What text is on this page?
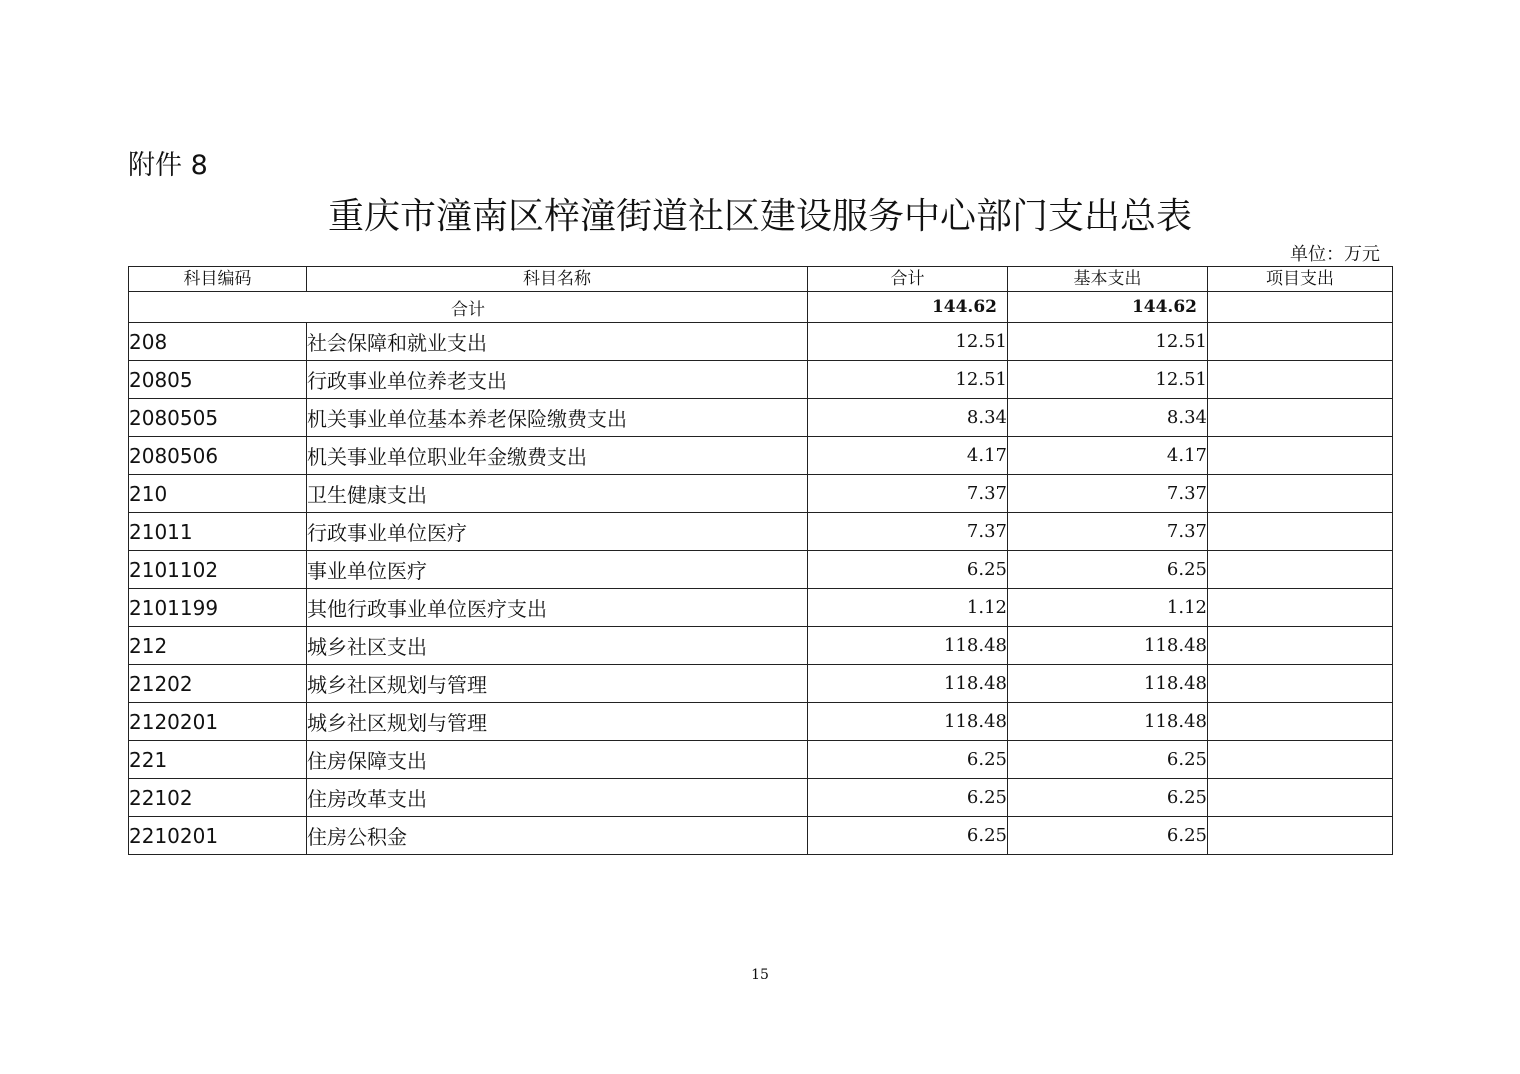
附件 8
重庆市潼南区梓潼街道社区建设服务中心部门支出总表
单位：万元
科目编码	科目名称	合计	基本支出	项目支出
合计		144.62	144.62	
208	社会保障和就业支出	12.51	12.51	
20805	行政事业单位养老支出	12.51	12.51	
2080505	机关事业单位基本养老保险缴费支出	8.34	8.34	
2080506	机关事业单位职业年金缴费支出	4.17	4.17	
210	卫生健康支出	7.37	7.37	
21011	行政事业单位医疗	7.37	7.37	
2101102	事业单位医疗	6.25	6.25	
2101199	其他行政事业单位医疗支出	1.12	1.12	
212	城乡社区支出	118.48	118.48	
21202	城乡社区规划与管理	118.48	118.48	
2120201	城乡社区规划与管理	118.48	118.48	
221	住房保障支出	6.25	6.25	
22102	住房改革支出	6.25	6.25	
2210201	住房公积金	6.25	6.25	
15
